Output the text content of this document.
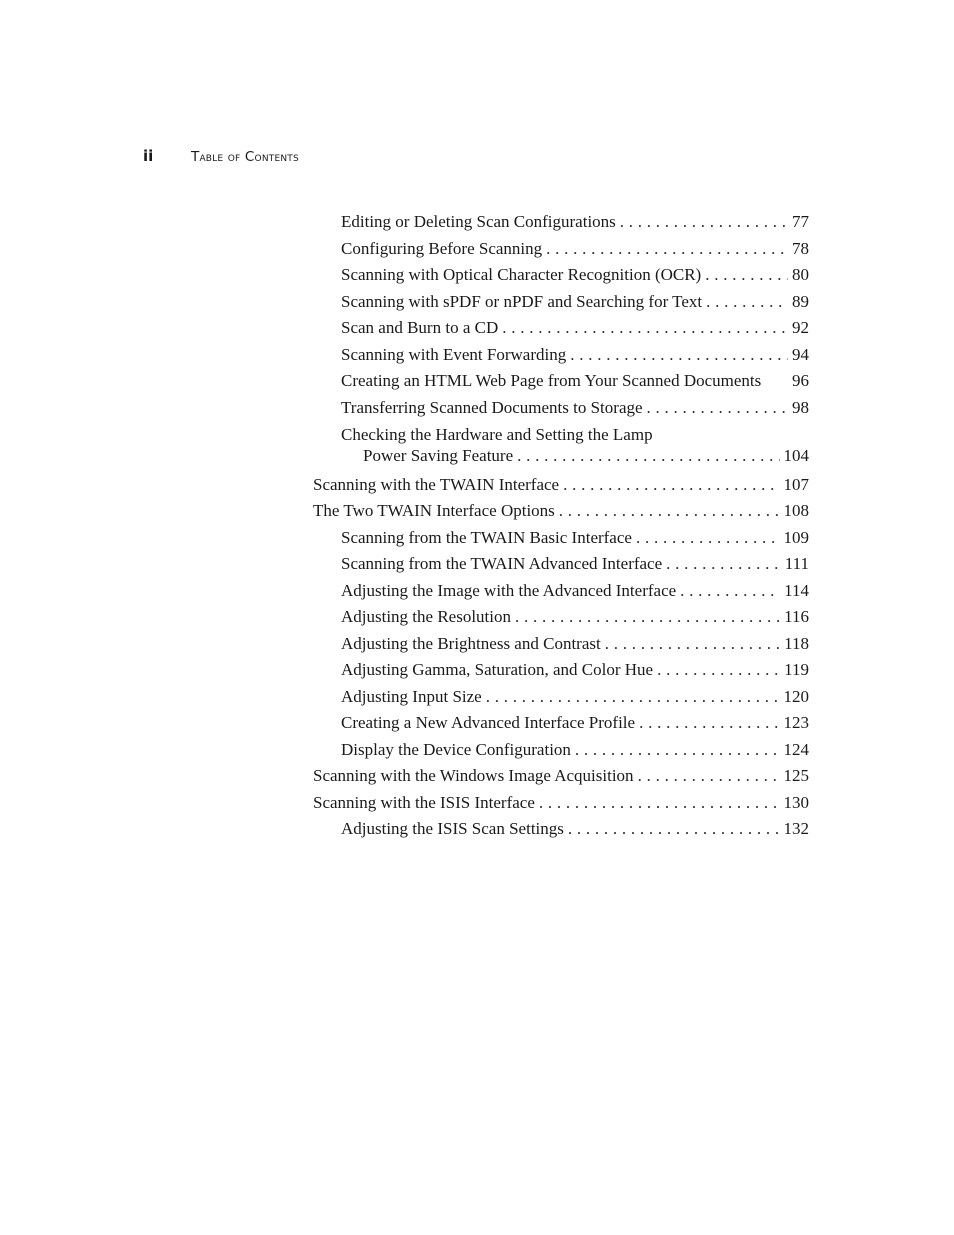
ii	Table of Contents
Editing or Deleting Scan Configurations . . .	77
Configuring Before Scanning . . .	78
Scanning with Optical Character Recognition (OCR) . . .	80
Scanning with sPDF or nPDF and Searching for Text . . .	89
Scan and Burn to a CD . . .	92
Scanning with Event Forwarding . . .	94
Creating an HTML Web Page from Your Scanned Documents 96
Transferring Scanned Documents to Storage . . .	98
Checking the Hardware and Setting the Lamp
Power Saving Feature . . .	104
Scanning with the TWAIN Interface . . .	107
The Two TWAIN Interface Options . . .	108
Scanning from the TWAIN Basic Interface . . .	109
Scanning from the TWAIN Advanced Interface . . .	111
Adjusting the Image with the Advanced Interface . . .	114
Adjusting the Resolution . . .	116
Adjusting the Brightness and Contrast . . .	118
Adjusting Gamma, Saturation, and Color Hue . . .	119
Adjusting Input Size . . .	120
Creating a New Advanced Interface Profile . . .	123
Display the Device Configuration . . .	124
Scanning with the Windows Image Acquisition . . .	125
Scanning with the ISIS Interface . . .	130
Adjusting the ISIS Scan Settings . . .	132
